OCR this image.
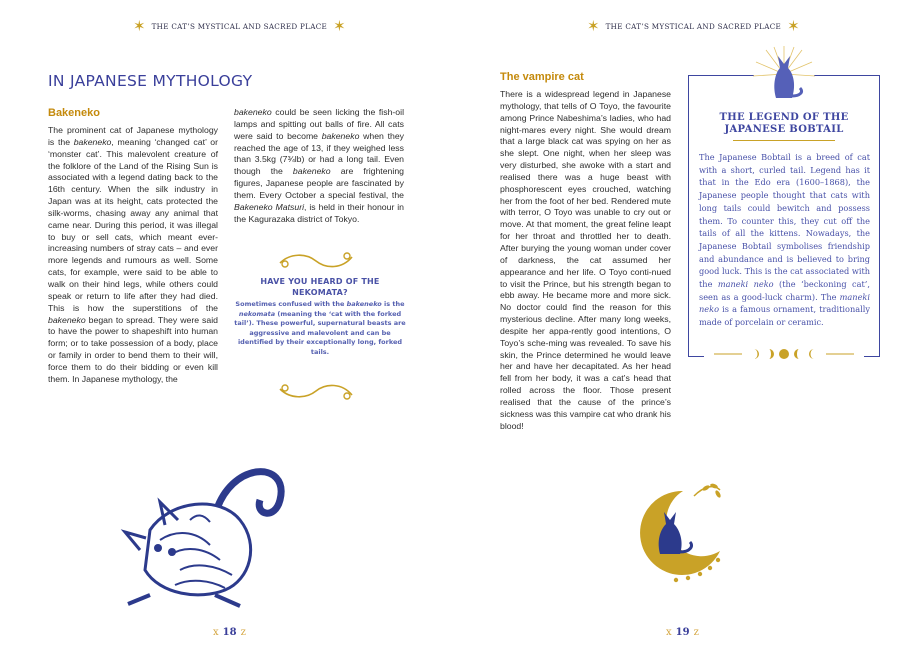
✶ THE CAT’S MYSTICAL AND SACRED PLACE ✶
IN JAPANESE MYTHOLOGY
Bakeneko
The prominent cat of Japanese mythology is the bakeneko, meaning ‘changed cat’ or ‘monster cat’. This malevolent creature of the folklore of the Land of the Rising Sun is associated with a legend dating back to the 16th century. When the silk industry in Japan was at its height, cats protected the silk-worms, chasing away any animal that came near. During this period, it was illegal to buy or sell cats, which meant ever-increasing numbers of stray cats – and ever more legends and rumours as well. Some cats, for example, were said to be able to walk on their hind legs, while others could speak or return to life after they had died. This is how the superstitions of the bakeneko began to spread. They were said to have the power to shapeshift into human form; or to take possession of a body, place or family in order to bend them to their will, force them to do their bidding or even kill them. In Japanese mythology, the
bakeneko could be seen licking the fish-oil lamps and spitting out balls of fire. All cats were said to become bakeneko when they reached the age of 13, if they weighed less than 3.5kg (7¾lb) or had a long tail. Even though the bakeneko are frightening figures, Japanese people are fascinated by them. Every October a special festival, the Bakeneko Matsuri, is held in their honour in the Kagurazaka district of Tokyo.
HAVE YOU HEARD OF THE NEKOMATA?
Sometimes confused with the bakeneko is the nekomata (meaning the ‘cat with the forked tail’). These powerful, supernatural beasts are aggressive and malevolent and can be identified by their exceptionally long, forked tails.
x 18 z
✶ THE CAT’S MYSTICAL AND SACRED PLACE ✶
The vampire cat
There is a widespread legend in Japanese mythology, that tells of O Toyo, the favourite among Prince Nabeshima’s ladies, who had night-mares every night. She would dream that a large black cat was spying on her as she slept. One night, when her sleep was very disturbed, she awoke with a start and realised there was a huge beast with phosphorescent eyes crouched, watching her from the foot of her bed. Rendered mute with terror, O Toyo was unable to cry out or move. At that moment, the great feline leapt for her throat and throttled her to death. After burying the young woman under cover of darkness, the cat assumed her appearance and her life. O Toyo conti-nued to visit the Prince, but his strength began to ebb away. He became more and more sick. No doctor could find the reason for this mysterious decline. After many long weeks, despite her appa-rently good intentions, O Toyo’s sche-ming was revealed. To save his skin, the Prince determined he would leave her and have her decapitated. As her head fell from her body, it was a cat’s head that rolled across the floor. Those present realised that the cause of the prince’s sickness was this vampire cat who drank his blood!
THE LEGEND OF THE JAPANESE BOBTAIL
The Japanese Bobtail is a breed of cat with a short, curled tail. Legend has it that in the Edo era (1600–1868), the Japanese people thought that cats with long tails could bewitch and possess them. To counter this, they cut off the tails of all the kittens. Nowadays, the Japanese Bobtail symbolises friendship and abundance and is believed to bring good luck. This is the cat associated with the maneki neko (the ‘beckoning cat’, seen as a good-luck charm). The maneki neko is a famous ornament, traditionally made of porcelain or ceramic.
x 19 z
